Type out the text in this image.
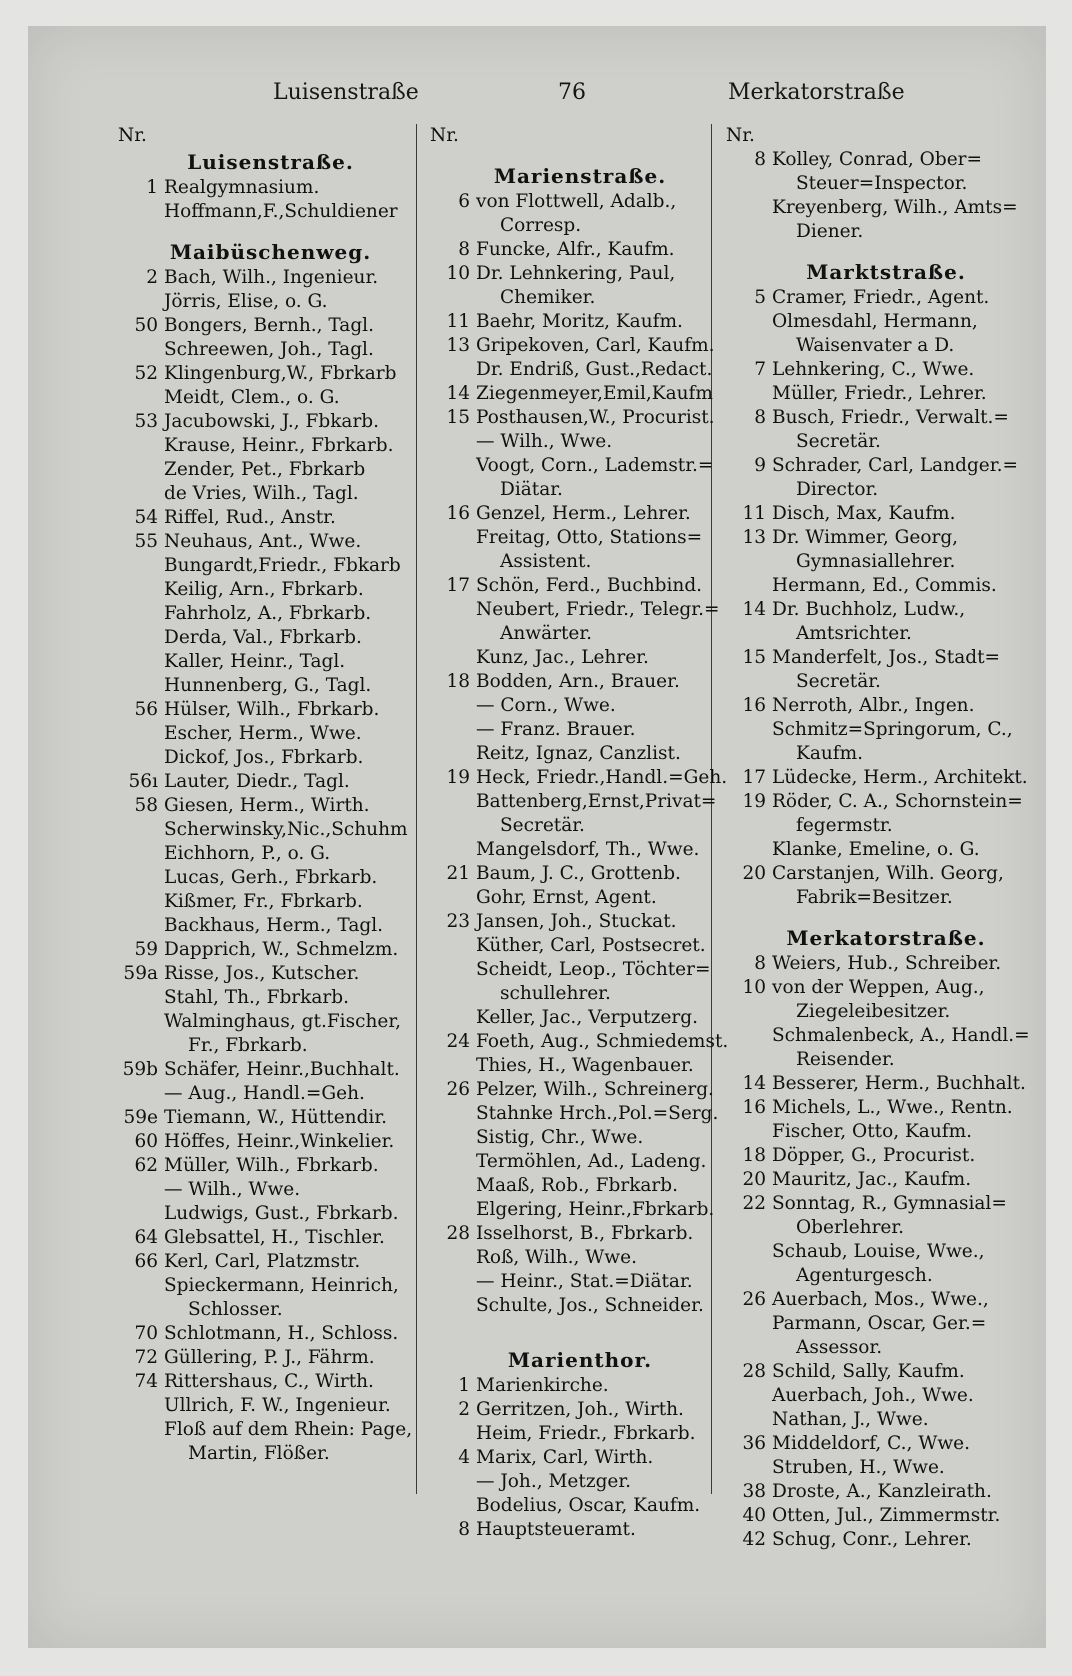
Luisenstraße	76	Merkatorstraße
Nr.
Luisenstraße.
1 Realgymnasium.
Hoffmann,F.,Schuldiener
Maibüschenweg.
2 Bach, Wilh., Ingenieur.
Jörris, Elise, o. G.
50 Bongers, Bernh., Tagl.
Schreewen, Joh., Tagl.
52 Klingenburg,W., Fbrkarb
Meidt, Clem., o. G.
53 Jacubowski, J., Fbkarb.
Krause, Heinr., Fbrkarb.
Zender, Pet., Fbrkarb
de Vries, Wilh., Tagl.
54 Riffel, Rud., Anstr.
55 Neuhaus, Ant., Wwe.
Bungardt,Friedr., Fbkarb
Keilig, Arn., Fbrkarb.
Fahrholz, A., Fbrkarb.
Derda, Val., Fbrkarb.
Kaller, Heinr., Tagl.
Hunnenberg, G., Tagl.
56 Hülser, Wilh., Fbrkarb.
Escher, Herm., Wwe.
Dickof, Jos., Fbrkarb.
56ı Lauter, Diedr., Tagl.
58 Giesen, Herm., Wirth.
Scherwinsky,Nic.,Schuhm
Eichhorn, P., o. G.
Lucas, Gerh., Fbrkarb.
Kißmer, Fr., Fbrkarb.
Backhaus, Herm., Tagl.
59 Dapprich, W., Schmelzm.
59a Risse, Jos., Kutscher.
Stahl, Th., Fbrkarb.
Walminghaus, gt.Fischer,
Fr., Fbrkarb.
59b Schäfer, Heinr.,Buchhalt.
— Aug., Handl.=Geh.
59e Tiemann, W., Hüttendir.
60 Höffes, Heinr.,Winkelier.
62 Müller, Wilh., Fbrkarb.
— Wilh., Wwe.
Ludwigs, Gust., Fbrkarb.
64 Glebsattel, H., Tischler.
66 Kerl, Carl, Platzmstr.
Spieckermann, Heinrich,
Schlosser.
70 Schlotmann, H., Schloss.
72 Güllering, P. J., Fährm.
74 Rittershaus, C., Wirth.
Ullrich, F. W., Ingenieur.
Floß auf dem Rhein: Page,
Martin, Flößer.
Nr.
Marienstraße.
6 von Flottwell, Adalb.,
Corresp.
8 Funcke, Alfr., Kaufm.
10 Dr. Lehnkering, Paul,
Chemiker.
11 Baehr, Moritz, Kaufm.
13 Gripekoven, Carl, Kaufm.
Dr. Endriß, Gust.,Redact.
14 Ziegenmeyer,Emil,Kaufm
15 Posthausen,W., Procurist.
— Wilh., Wwe.
Voogt, Corn., Lademstr.=
Diätar.
16 Genzel, Herm., Lehrer.
Freitag, Otto, Stations=
Assistent.
17 Schön, Ferd., Buchbind.
Neubert, Friedr., Telegr.=
Anwärter.
Kunz, Jac., Lehrer.
18 Bodden, Arn., Brauer.
— Corn., Wwe.
— Franz. Brauer.
Reitz, Ignaz, Canzlist.
19 Heck, Friedr.,Handl.=Geh.
Battenberg,Ernst,Privat=
Secretär.
Mangelsdorf, Th., Wwe.
21 Baum, J. C., Grottenb.
Gohr, Ernst, Agent.
23 Jansen, Joh., Stuckat.
Küther, Carl, Postsecret.
Scheidt, Leop., Töchter=
schullehrer.
Keller, Jac., Verputzerg.
24 Foeth, Aug., Schmiedemst.
Thies, H., Wagenbauer.
26 Pelzer, Wilh., Schreinerg.
Stahnke Hrch.,Pol.=Serg.
Sistig, Chr., Wwe.
Termöhlen, Ad., Ladeng.
Maaß, Rob., Fbrkarb.
Elgering, Heinr.,Fbrkarb.
28 Isselhorst, B., Fbrkarb.
Roß, Wilh., Wwe.
— Heinr., Stat.=Diätar.
Schulte, Jos., Schneider.
Marienthor.
1 Marienkirche.
2 Gerritzen, Joh., Wirth.
Heim, Friedr., Fbrkarb.
4 Marix, Carl, Wirth.
— Joh., Metzger.
Bodelius, Oscar, Kaufm.
8 Hauptsteueramt.
Nr.
8 Kolley, Conrad, Ober=
Steuer=Inspector.
Kreyenberg, Wilh., Amts=
Diener.
Marktstraße.
5 Cramer, Friedr., Agent.
Olmesdahl, Hermann,
Waisenvater a D.
7 Lehnkering, C., Wwe.
Müller, Friedr., Lehrer.
8 Busch, Friedr., Verwalt.=
Secretär.
9 Schrader, Carl, Landger.=
Director.
11 Disch, Max, Kaufm.
13 Dr. Wimmer, Georg,
Gymnasiallehrer.
Hermann, Ed., Commis.
14 Dr. Buchholz, Ludw.,
Amtsrichter.
15 Manderfelt, Jos., Stadt=
Secretär.
16 Nerroth, Albr., Ingen.
Schmitz=Springorum, C.,
Kaufm.
17 Lüdecke, Herm., Architekt.
19 Röder, C. A., Schornstein=
fegermstr.
Klanke, Emeline, o. G.
20 Carstanjen, Wilh. Georg,
Fabrik=Besitzer.
Merkatorstraße.
8 Weiers, Hub., Schreiber.
10 von der Weppen, Aug.,
Ziegeleibesitzer.
Schmalenbeck, A., Handl.=
Reisender.
14 Besserer, Herm., Buchhalt.
16 Michels, L., Wwe., Rentn.
Fischer, Otto, Kaufm.
18 Döpper, G., Procurist.
20 Mauritz, Jac., Kaufm.
22 Sonntag, R., Gymnasial=
Oberlehrer.
Schaub, Louise, Wwe.,
Agenturgesch.
26 Auerbach, Mos., Wwe.,
Parmann, Oscar, Ger.=
Assessor.
28 Schild, Sally, Kaufm.
Auerbach, Joh., Wwe.
Nathan, J., Wwe.
36 Middeldorf, C., Wwe.
Struben, H., Wwe.
38 Droste, A., Kanzleirath.
40 Otten, Jul., Zimmermstr.
42 Schug, Conr., Lehrer.
